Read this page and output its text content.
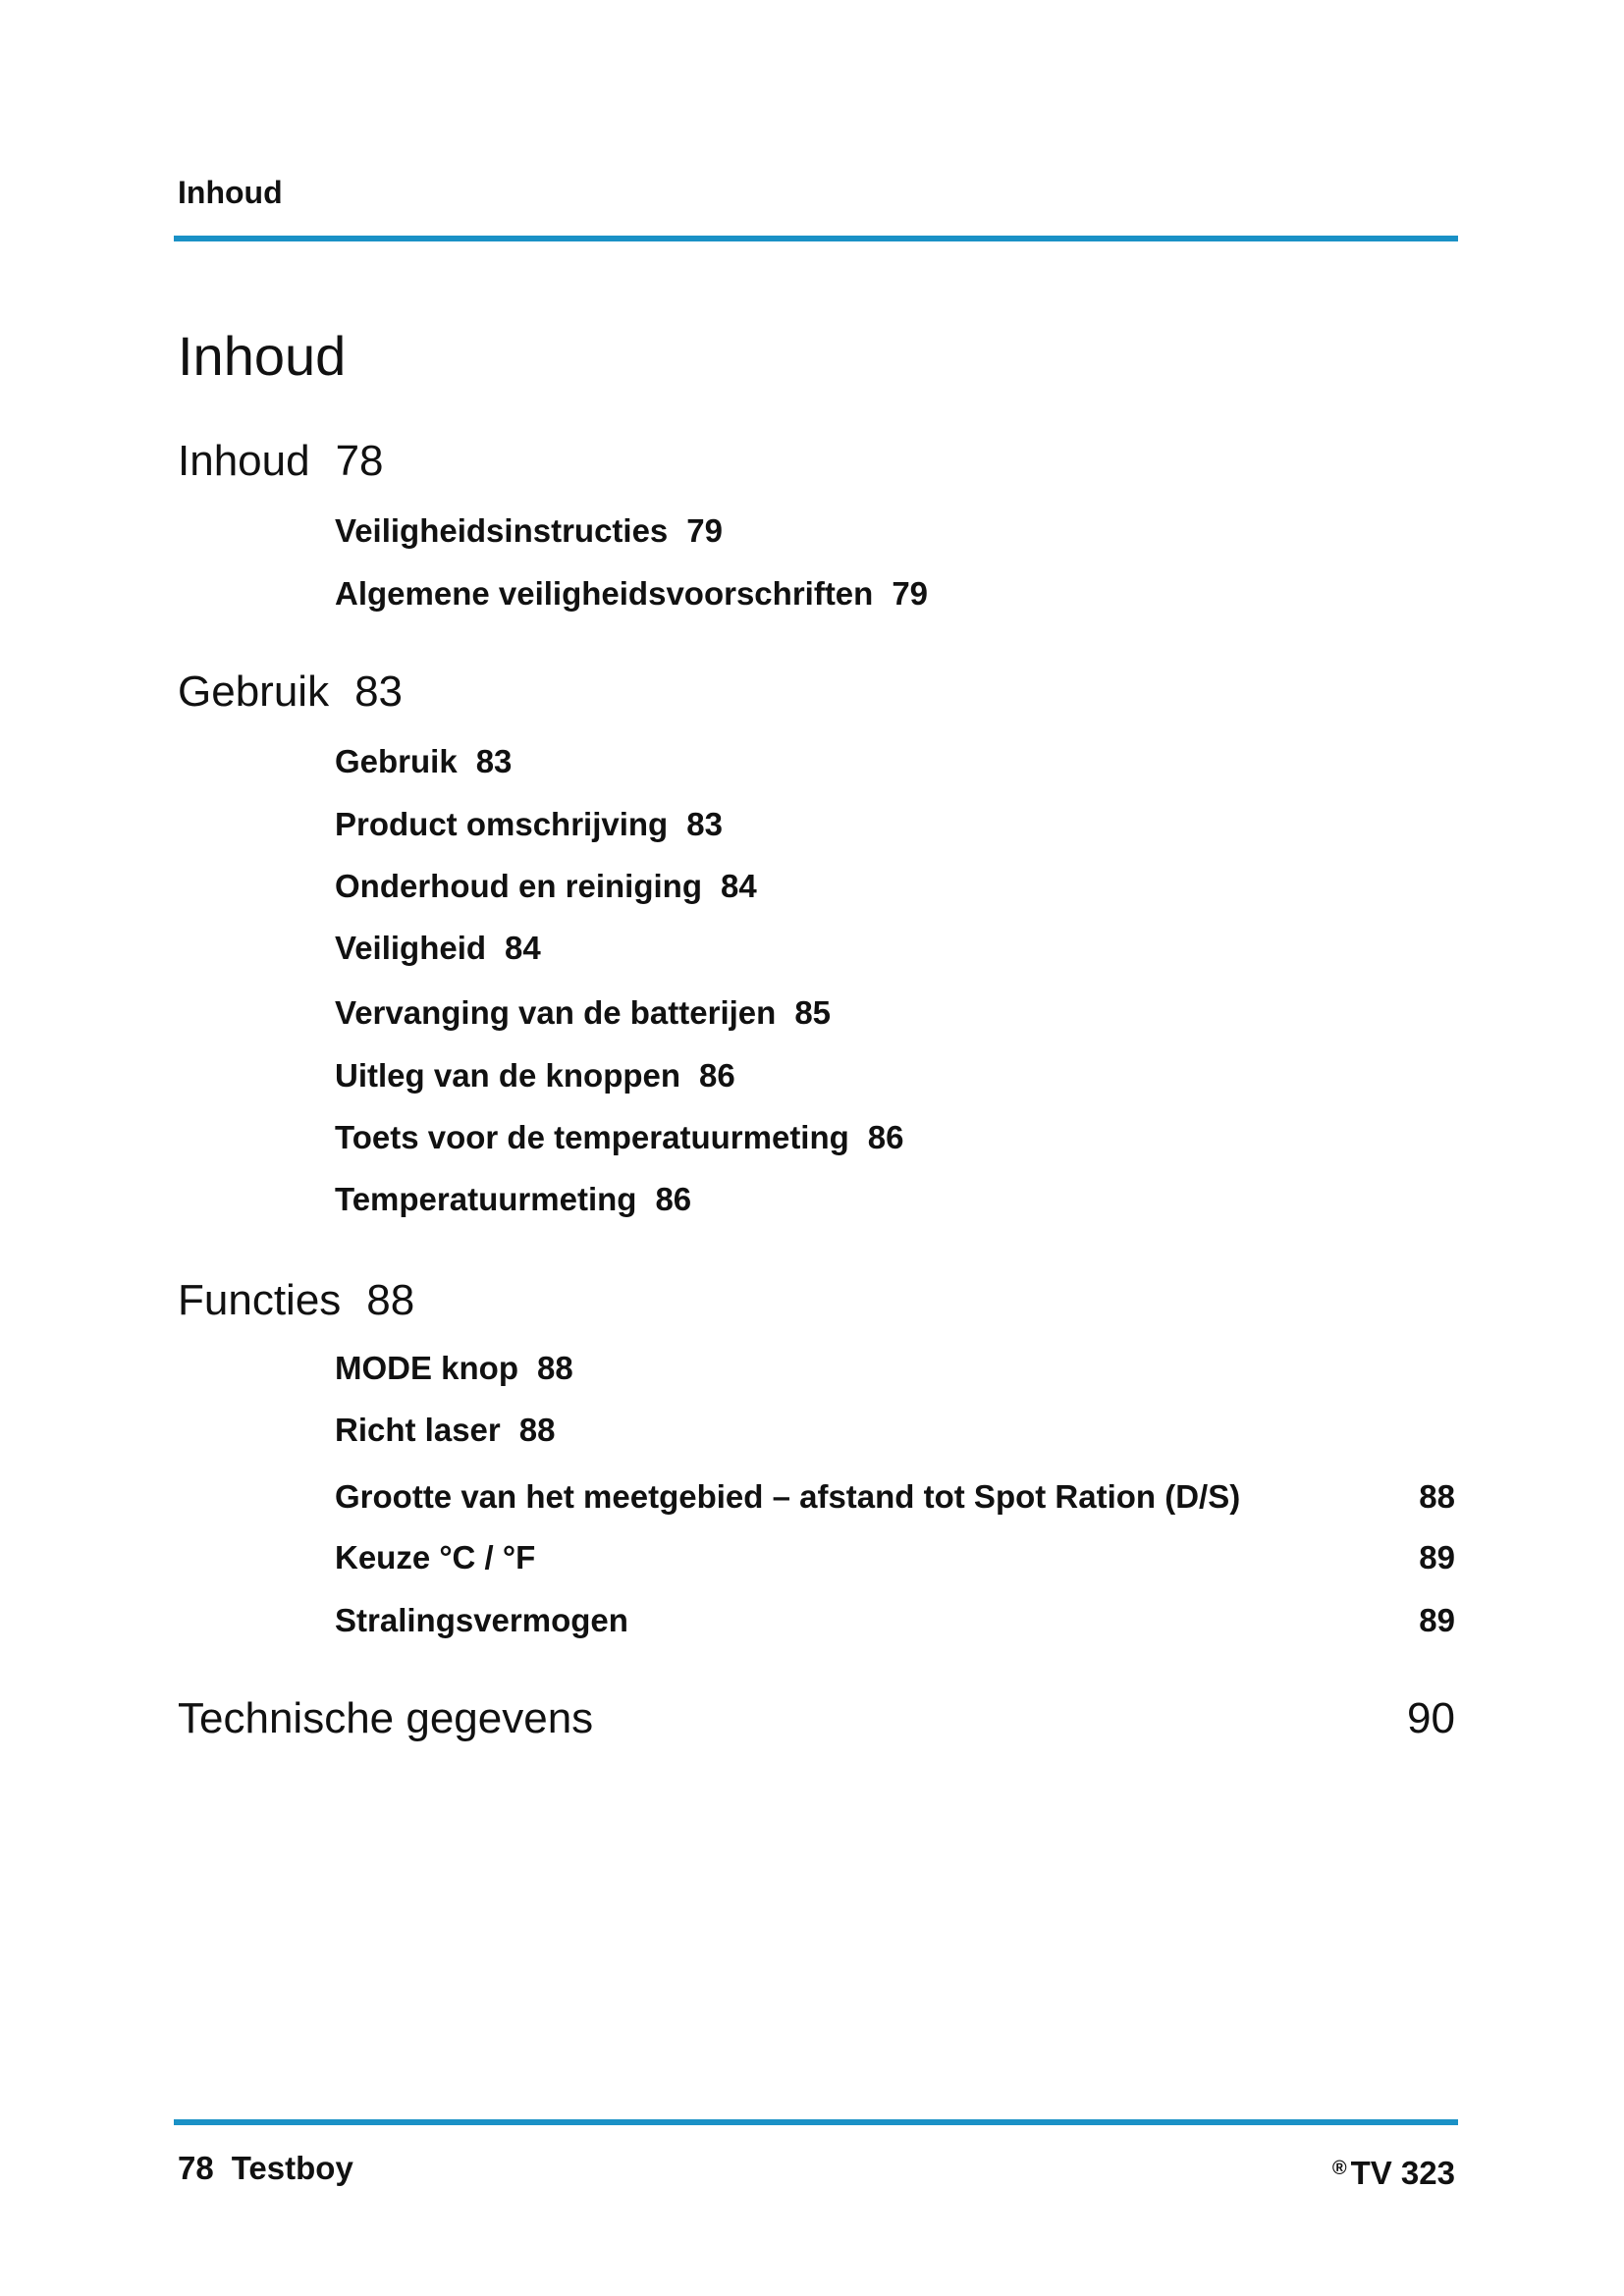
Inhoud
Inhoud
Inhoud 78
Veiligheidsinstructies 79
Algemene veiligheidsvoorschriften 79
Gebruik 83
Gebruik 83
Product omschrijving 83
Onderhoud en reiniging 84
Veiligheid 84
Vervanging van de batterijen 85
Uitleg van de knoppen 86
Toets voor de temperatuurmeting 86
Temperatuurmeting 86
Functies 88
MODE knop 88
Richt laser 88
Grootte van het meetgebied – afstand tot Spot Ration (D/S)	88
Keuze °C / °F	89
Stralingsvermogen	89
Technische gegevens	90
78 Testboy	® TV 323
